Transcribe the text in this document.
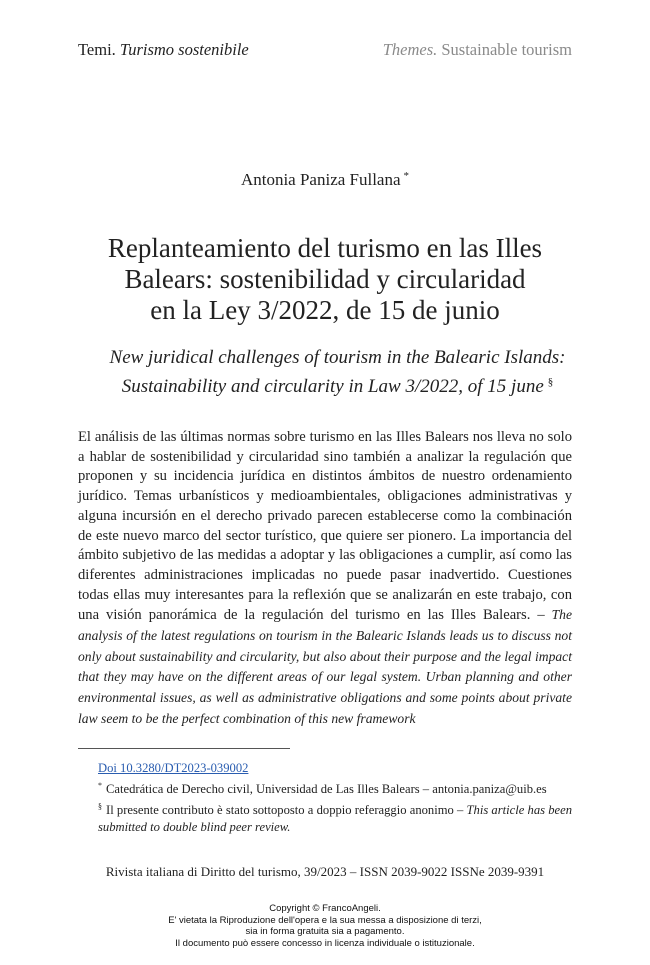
Temi. Turismo sostenibile	Themes. Sustainable tourism
Antonia Paniza Fullana *
Replanteamiento del turismo en las Illes
Balears: sostenibilidad y circularidad
en la Ley 3/2022, de 15 de junio
New juridical challenges of tourism in the Balearic Islands:
Sustainability and circularity in Law 3/2022, of 15 june §
El análisis de las últimas normas sobre turismo en las Illes Balears nos lleva no solo a hablar de sostenibilidad y circularidad sino también a analizar la regulación que proponen y su incidencia jurídica en distintos ámbitos de nuestro ordenamiento jurídico. Temas urbanísticos y medioambientales, obligaciones administrativas y alguna incursión en el derecho privado parecen establecerse como la combinación de este nuevo marco del sector turístico, que quiere ser pionero. La importancia del ámbito subjetivo de las medidas a adoptar y las obligaciones a cumplir, así como las diferentes administraciones implicadas no puede pasar inadvertido. Cuestiones todas ellas muy interesantes para la reflexión que se analizarán en este trabajo, con una visión panorámica de la regulación del turismo en las Illes Balears. – The analysis of the latest regulations on tourism in the Balearic Islands leads us to discuss not only about sustainability and circularity, but also about their purpose and the legal impact that they may have on the different areas of our legal system. Urban planning and other environmental issues, as well as administrative obligations and some points about private law seem to be the perfect combination of this new framework
Doi 10.3280/DT2023-039002

* Catedrática de Derecho civil, Universidad de Las Illes Balears – antonia.paniza@uib.es

§ Il presente contributo è stato sottoposto a doppio referaggio anonimo – This article has been submitted to double blind peer review.

Rivista italiana di Diritto del turismo, 39/2023 – ISSN 2039-9022 ISSNe 2039-9391
Copyright © FrancoAngeli.
E' vietata la Riproduzione dell'opera e la sua messa a disposizione di terzi,
sia in forma gratuita sia a pagamento.
Il documento può essere concesso in licenza individuale o istituzionale.
